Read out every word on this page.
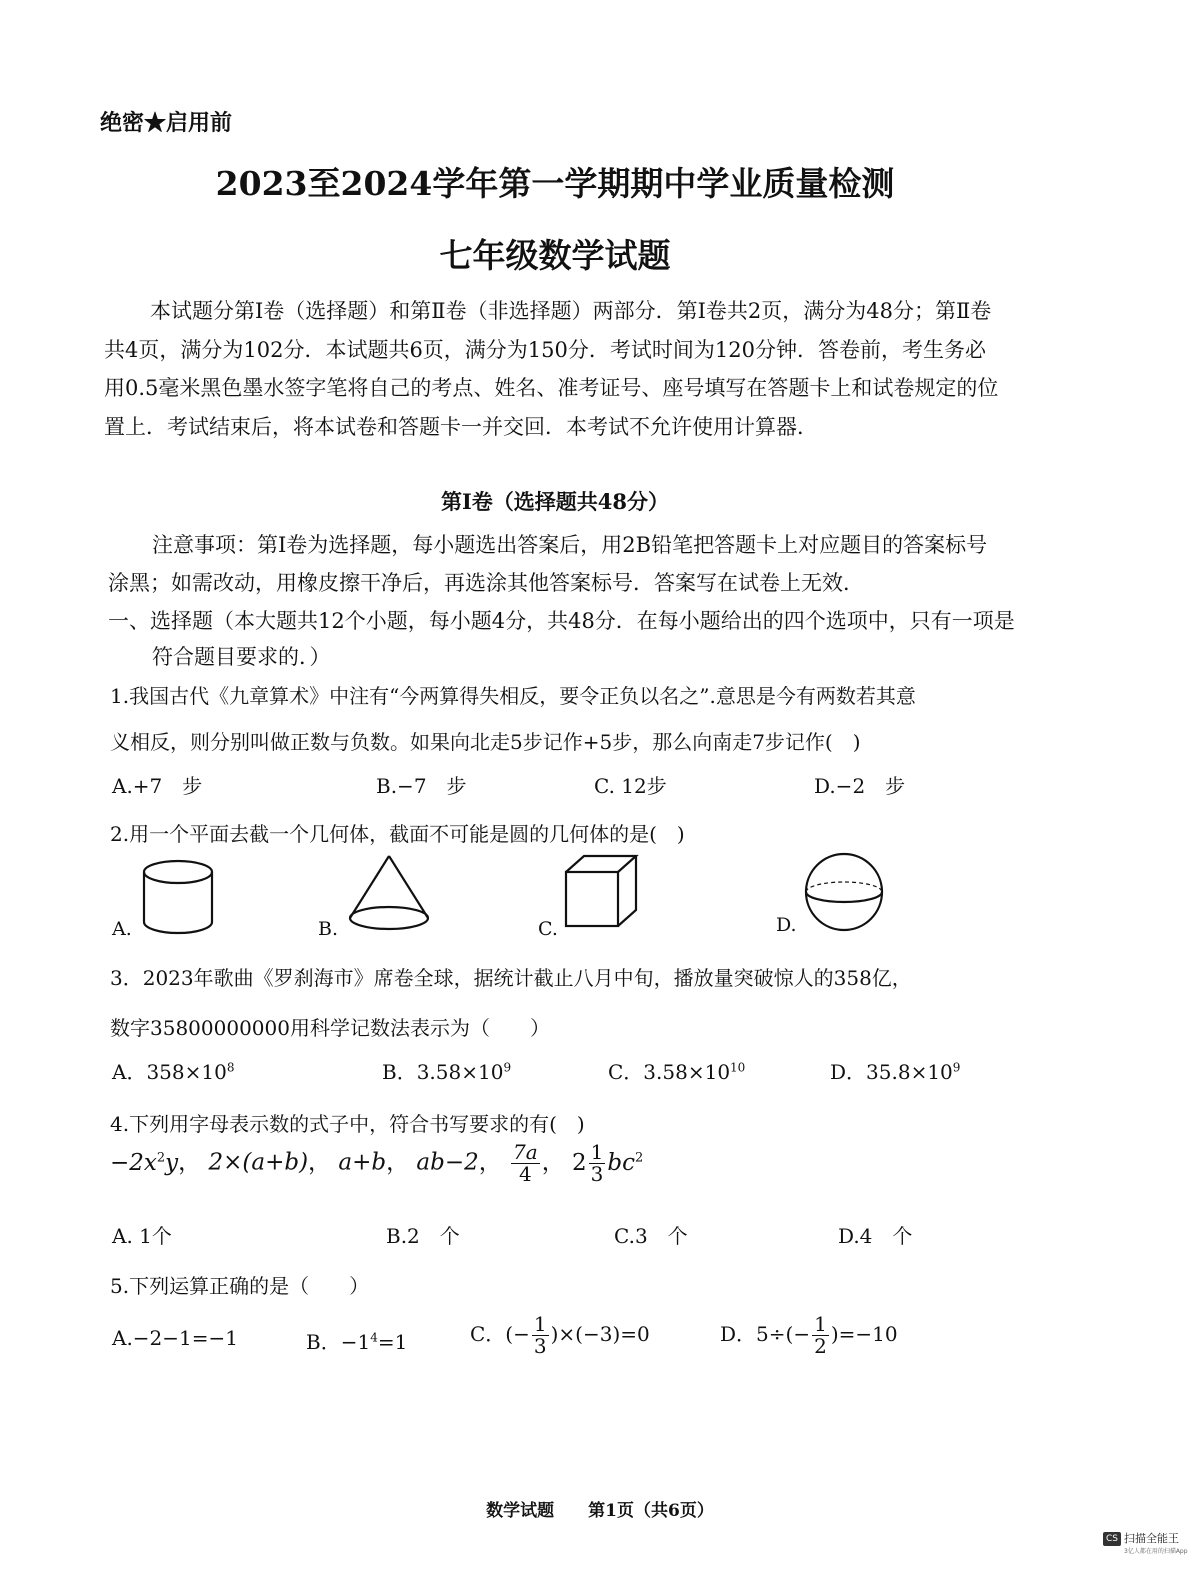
绝密★启用前
2023至2024学年第一学期期中学业质量检测
七年级数学试题
本试题分第Ⅰ卷（选择题）和第Ⅱ卷（非选择题）两部分．第Ⅰ卷共2页，满分为48分；第Ⅱ卷共4页，满分为102分．本试题共6页，满分为150分．考试时间为120分钟．答卷前，考生务必用0.5毫米黑色墨水签字笔将自己的考点、姓名、准考证号、座号填写在答题卡上和试卷规定的位置上．考试结束后，将本试卷和答题卡一并交回．本考试不允许使用计算器．
第Ⅰ卷（选择题共48分）
注意事项：第Ⅰ卷为选择题，每小题选出答案后，用2B铅笔把答题卡上对应题目的答案标号涂黑；如需改动，用橡皮擦干净后，再选涂其他答案标号．答案写在试卷上无效．
一、选择题（本大题共12个小题，每小题4分，共48分．在每小题给出的四个选项中，只有一项是符合题目要求的．）
1.我国古代《九章算术》中注有“今两算得失相反，要令正负以名之”.意思是今有两数若其意
义相反，则分别叫做正数与负数。如果向北走5步记作+5步，那么向南走7步记作(　)
A.+7　步	B.−7　步	C. 12步	D.−2　步
2.用一个平面去截一个几何体，截面不可能是圆的几何体的是(　)
A.	B.	C.	D.
3．2023年歌曲《罗刹海市》席卷全球，据统计截止八月中旬，播放量突破惊人的358亿，
数字35800000000用科学记数法表示为（　　）
A．$358\times 10^8$	B．$3.58\times 10^9$	C．$3.58\times 10^{10}$	D．$35.8\times 10^9$
4.下列用字母表示数的式子中，符合书写要求的有(　)
$-2x^2y$， 2×(a+b)， a+b， ab−2， $\frac{7a}{4}$ ， $2 \frac{1}{3} bc^2$
A. 1个	B.2　个	C.3　个	D.4　个
5.下列运算正确的是（　　）
A.−2−1=−1	B．$-1^4=1$	C．(− $\frac{1}{3} )\times(-3)=0$	D．$5\div(- \frac{1}{2} )=-10$
数学试题　　第1页（共6页）
CS 扫描全能王
3亿人都在用的扫描App
